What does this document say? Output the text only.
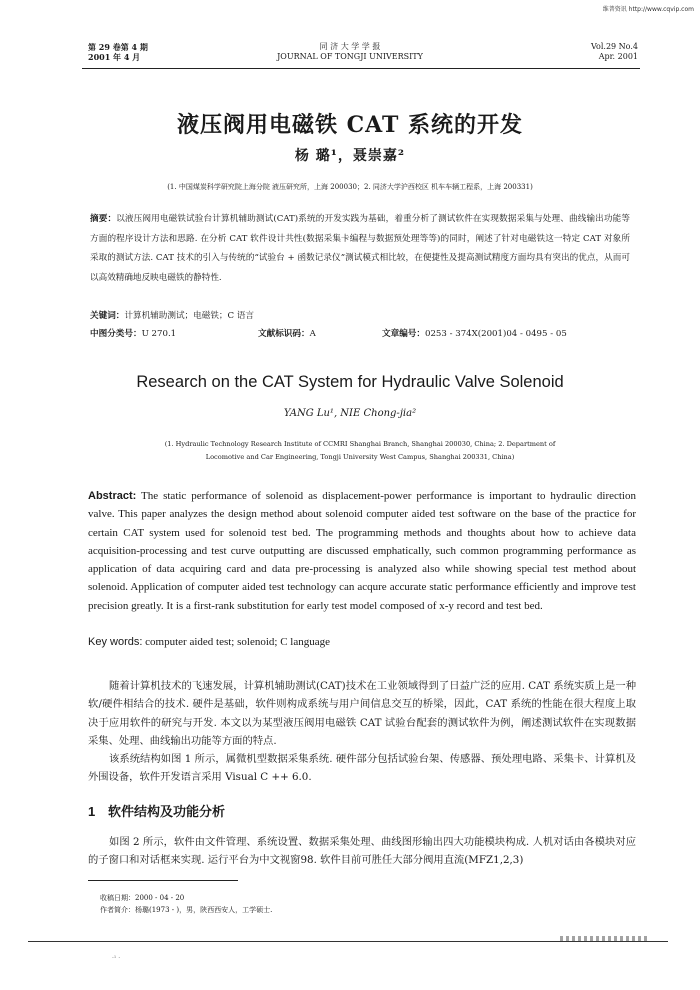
维普资讯 http://www.cqvip.com
第 29 卷第 4 期
2001 年 4 月
同 济 大 学 学 报
JOURNAL OF TONGJI UNIVERSITY
Vol.29 No.4
Apr. 2001
液压阀用电磁铁 CAT 系统的开发
杨 璐¹，聂崇嘉²
(1. 中国煤炭科学研究院上海分院 液压研究所，上海 200030；2. 同济大学沪西校区 机车车辆工程系，上海 200331)
摘要：以液压阀用电磁铁试验台计算机辅助测试(CAT)系统的开发实践为基础，着重分析了测试软件在实现数据采集与处理、曲线输出功能等方面的程序设计方法和思路. 在分析 CAT 软件设计共性(数据采集卡编程与数据预处理等等)的同时，阐述了针对电磁铁这一特定 CAT 对象所采取的测试方法. CAT 技术的引入与传统的“试验台 + 函数记录仪”测试模式相比较，在便捷性及提高测试精度方面均具有突出的优点，从而可以高效精确地反映电磁铁的静特性.
关键词：计算机辅助测试；电磁铁；C 语言
中图分类号：U 270.1	文献标识码：A	文章编号：0253 - 374X(2001)04 - 0495 - 05
Research on the CAT System for Hydraulic Valve Solenoid
YANG Lu¹, NIE Chong-jia²
(1. Hydraulic Technology Research Institute of CCMRI Shanghai Branch, Shanghai 200030, China; 2. Department of
Locomotive and Car Engineering, Tongji University West Campus, Shanghai 200331, China)
Abstract: The static performance of solenoid as displacement-power performance is important to hydraulic direction valve. This paper analyzes the design method about solenoid computer aided test software on the base of the practice for certain CAT system used for solenoid test bed. The programming methods and thoughts about how to achieve data acquisition-processing and test curve outputting are discussed emphatically, such common programming performance as application of data acquiring card and data pre-processing is analyzed also while showing special test method about solenoid. Application of computer aided test technology can acqure accurate static performance efficiently and improve test precision greatly. It is a first-rank substitution for early test model composed of x-y record and test bed.
Key words: computer aided test; solenoid; C language
随着计算机技术的飞速发展，计算机辅助测试(CAT)技术在工业领域得到了日益广泛的应用. CAT 系统实质上是一种软/硬件相结合的技术. 硬件是基础，软件则构成系统与用户间信息交互的桥梁，因此，CAT 系统的性能在很大程度上取决于应用软件的研究与开发. 本文以为某型液压阀用电磁铁 CAT 试验台配套的测试软件为例，阐述测试软件在实现数据采集、处理、曲线输出功能等方面的特点.
该系统结构如图 1 所示，属微机型数据采集系统. 硬件部分包括试验台架、传感器、预处理电路、采集卡、计算机及外围设备，软件开发语言采用 Visual C ++ 6.0.
1 软件结构及功能分析
如图 2 所示，软件由文件管理、系统设置、数据采集处理、曲线图形输出四大功能模块构成. 人机对话由各模块对应的子窗口和对话框来实现. 运行平台为中文视窗98. 软件目前可胜任大部分阀用直流(MFZ1,2,3)
收稿日期：2000 - 04 - 20
作者简介：杨璐(1973 - )，男，陕西西安人，工学硕士.
·¹ ·
